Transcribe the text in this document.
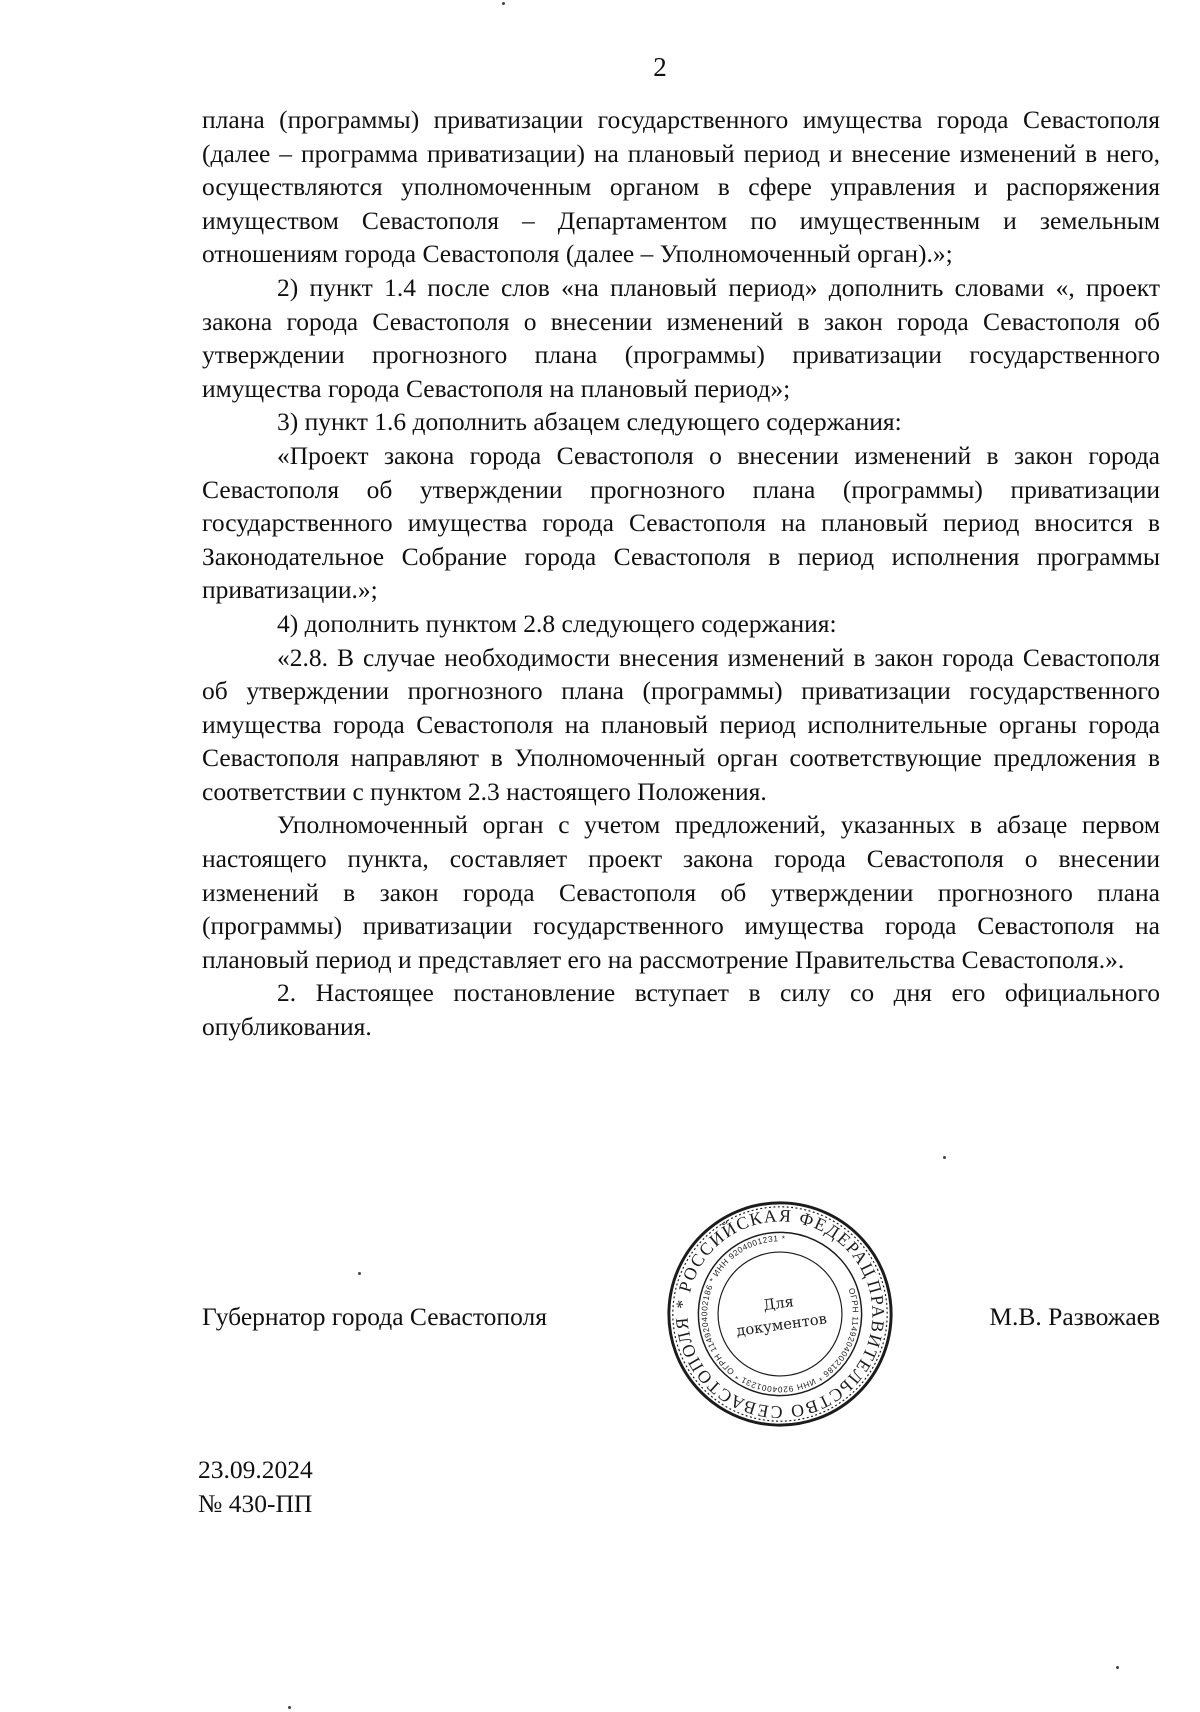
2

плана (программы) приватизации государственного имущества города Севастополя (далее – программа приватизации) на плановый период и внесение изменений в него, осуществляются уполномоченным органом в сфере управления и распоряжения имуществом Севастополя – Департаментом по имущественным и земельным отношениям города Севастополя (далее – Уполномоченный орган).»;

2) пункт 1.4 после слов «на плановый период» дополнить словами «, проект закона города Севастополя о внесении изменений в закон города Севастополя об утверждении прогнозного плана (программы) приватизации государственного имущества города Севастополя на плановый период»;

3) пункт 1.6 дополнить абзацем следующего содержания:

«Проект закона города Севастополя о внесении изменений в закон города Севастополя об утверждении прогнозного плана (программы) приватизации государственного имущества города Севастополя на плановый период вносится в Законодательное Собрание города Севастополя в период исполнения программы приватизации.»;

4) дополнить пунктом 2.8 следующего содержания:

«2.8. В случае необходимости внесения изменений в закон города Севастополя об утверждении прогнозного плана (программы) приватизации государственного имущества города Севастополя на плановый период исполнительные органы города Севастополя направляют в Уполномоченный орган соответствующие предложения в соответствии с пунктом 2.3 настоящего Положения.

Уполномоченный орган с учетом предложений, указанных в абзаце первом настоящего пункта, составляет проект закона города Севастополя о внесении изменений в закон города Севастополя об утверждении прогнозного плана (программы) приватизации государственного имущества города Севастополя на плановый период и представляет его на рассмотрение Правительства Севастополя.».

2. Настоящее постановление вступает в силу со дня его официального опубликования.

Губернатор города Севастополя	М.В. Развожаев
ПРАВИТЕЛЬСТВО СЕВАСТОПОЛЯ * РОССИЙСКАЯ ФЕДЕРАЦИЯ
ОГРН 1149204002186 * ИНН 9204001231 * ОГРН 1149204002186 * ИНН 9204001231 *
Для
документов
23.09.2024
№ 430-ПП
